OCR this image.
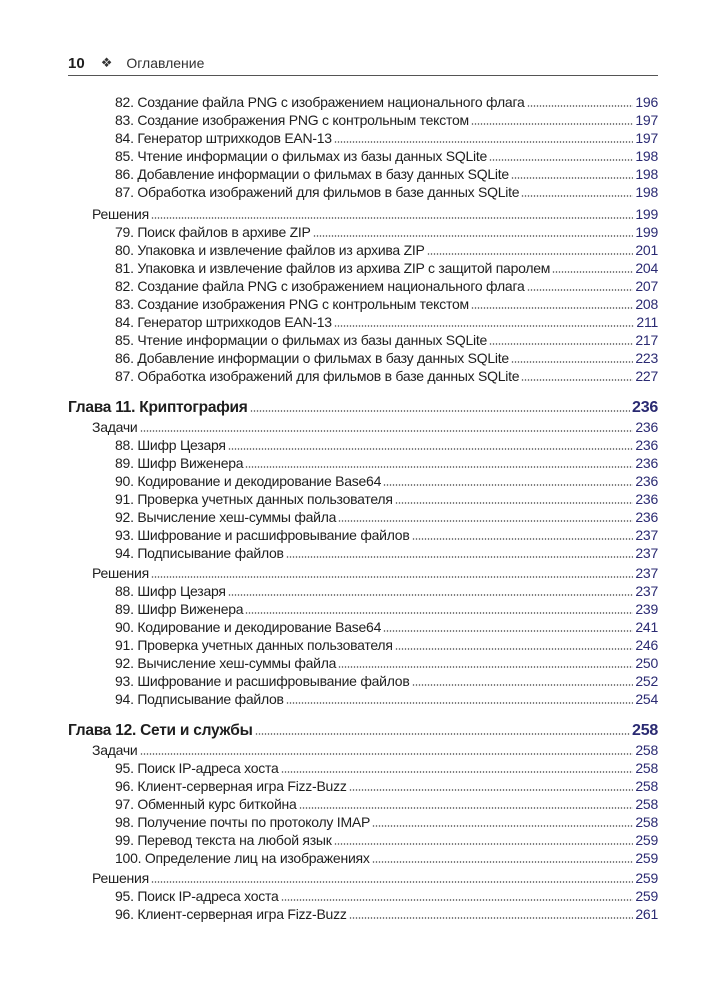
10 ❖ Оглавление
82. Создание файла PNG с изображением национального флага	196
83. Создание изображения PNG с контрольным текстом	197
84. Генератор штрихкодов EAN-13	197
85. Чтение информации о фильмах из базы данных SQLite	198
86. Добавление информации о фильмах в базу данных SQLite	198
87. Обработка изображений для фильмов в базе данных SQLite	198
Решения	199
79. Поиск файлов в архиве ZIP	199
80. Упаковка и извлечение файлов из архива ZIP	201
81. Упаковка и извлечение файлов из архива ZIP с защитой паролем	204
82. Создание файла PNG с изображением национального флага	207
83. Создание изображения PNG с контрольным текстом	208
84. Генератор штрихкодов EAN-13	211
85. Чтение информации о фильмах из базы данных SQLite	217
86. Добавление информации о фильмах в базу данных SQLite	223
87. Обработка изображений для фильмов в базе данных SQLite	227
Глава 11. Криптография	236
Задачи	236
88. Шифр Цезаря	236
89. Шифр Виженера	236
90. Кодирование и декодирование Base64	236
91. Проверка учетных данных пользователя	236
92. Вычисление хеш-суммы файла	236
93. Шифрование и расшифровывание файлов	237
94. Подписывание файлов	237
Решения	237
88. Шифр Цезаря	237
89. Шифр Виженера	239
90. Кодирование и декодирование Base64	241
91. Проверка учетных данных пользователя	246
92. Вычисление хеш-суммы файла	250
93. Шифрование и расшифровывание файлов	252
94. Подписывание файлов	254
Глава 12. Сети и службы	258
Задачи	258
95. Поиск IP-адреса хоста	258
96. Клиент-серверная игра Fizz-Buzz	258
97. Обменный курс биткойна	258
98. Получение почты по протоколу IMAP	258
99. Перевод текста на любой язык	259
100. Определение лиц на изображениях	259
Решения	259
95. Поиск IP-адреса хоста	259
96. Клиент-серверная игра Fizz-Buzz	261
